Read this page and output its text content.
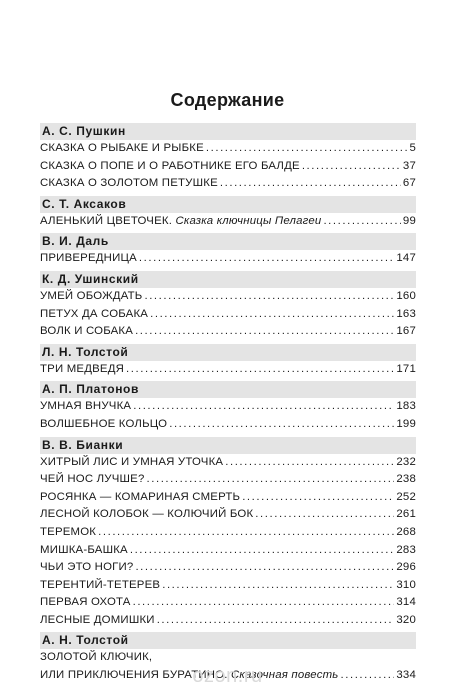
Содержание
А. С. Пушкин
СКАЗКА О РЫБАКЕ И РЫБКЕ . . .	5
СКАЗКА О ПОПЕ И О РАБОТНИКЕ ЕГО БАЛДЕ . . .	37
СКАЗКА О ЗОЛОТОМ ПЕТУШКЕ . . .	67
С. Т. Аксаков
АЛЕНЬКИЙ ЦВЕТОЧЕК.
Сказка ключницы Пелагеи . . .	99
В. И. Даль
ПРИВЕРЕДНИЦА . . .	147
К. Д. Ушинский
УМЕЙ ОБОЖДАТЬ . . .	160
ПЕТУХ ДА СОБАКА . . .	163
ВОЛК И СОБАКА . . .	167
Л. Н. Толстой
ТРИ МЕДВЕДЯ . . .	171
А. П. Платонов
УМНАЯ ВНУЧКА . . .	183
ВОЛШЕБНОЕ КОЛЬЦО . . .	199
В. В. Бианки
ХИТРЫЙ ЛИС И УМНАЯ УТОЧКА . . .	232
ЧЕЙ НОС ЛУЧШЕ? . . .	238
РОСЯНКА — КОМАРИНАЯ СМЕРТЬ . . .	252
ЛЕСНОЙ КОЛОБОК — КОЛЮЧИЙ БОК . . .	261
ТЕРЕМОК . . .	268
МИШКА-БАШКА . . .	283
ЧЬИ ЭТО НОГИ? . . .	296
ТЕРЕНТИЙ-ТЕТЕРЕВ . . .	310
ПЕРВАЯ ОХОТА . . .	314
ЛЕСНЫЕ ДОМИШКИ . . .	320
А. Н. Толстой
ЗОЛОТОЙ КЛЮЧИК,
ИЛИ ПРИКЛЮЧЕНИЯ БУРАТИНО.
Сказочная повесть . . .	334
ozon.ru
